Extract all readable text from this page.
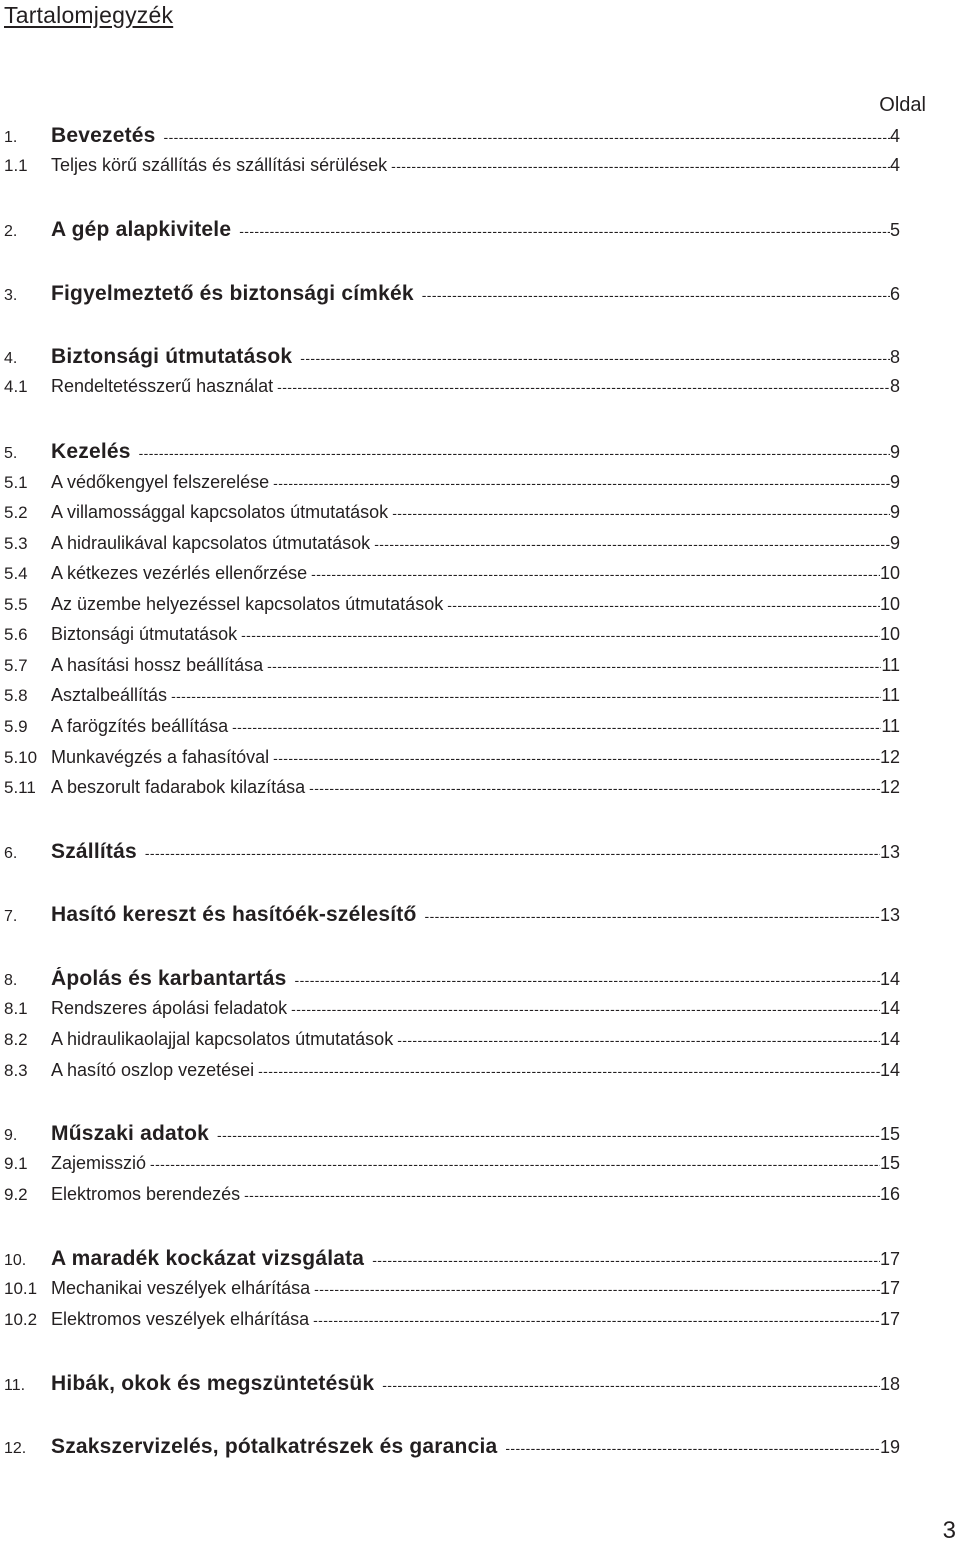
Tartalomjegyzék
Oldal
1.	Bevezetés -----	4
1.1	Teljes körű szállítás és szállítási sérülések -----	4
2.	A gép alapkivitele -----	5
3.	Figyelmeztető és biztonsági címkék -----	6
4.	Biztonsági útmutatások -----	8
4.1	Rendeltetésszerű használat -----	8
5.	Kezelés -----	9
5.1	A védőkengyel felszerelése -----	9
5.2	A villamossággal kapcsolatos útmutatások -----	9
5.3	A hidraulikával kapcsolatos útmutatások -----	9
5.4	A kétkezes vezérlés ellenőrzése -----	10
5.5	Az üzembe helyezéssel kapcsolatos útmutatások -----	10
5.6	Biztonsági útmutatások -----	10
5.7	A hasítási hossz beállítása -----	11
5.8	Asztalbeállítás -----	11
5.9	A farögzítés beállítása -----	11
5.10 Munkavégzés a fahasítóval -----	12
5.11 A beszorult fadarabok kilazítása -----	12
6.	Szállítás -----	13
7.	Hasító kereszt és hasítóék-szélesítő -----	13
8.	Ápolás és karbantartás -----	14
8.1	Rendszeres ápolási feladatok -----	14
8.2	A hidraulikaolajjal kapcsolatos útmutatások -----	14
8.3	A hasító oszlop vezetései -----	14
9.	Műszaki adatok -----	15
9.1	Zajemisszió -----	15
9.2	Elektromos berendezés -----	16
10.	A maradék kockázat vizsgálata -----	17
10.1 Mechanikai veszélyek elhárítása -----	17
10.2 Elektromos veszélyek elhárítása -----	17
11.	Hibák, okok és megszüntetésük -----	18
12.	Szakszervizelés, pótalkatrészek és garancia -----	19
3
